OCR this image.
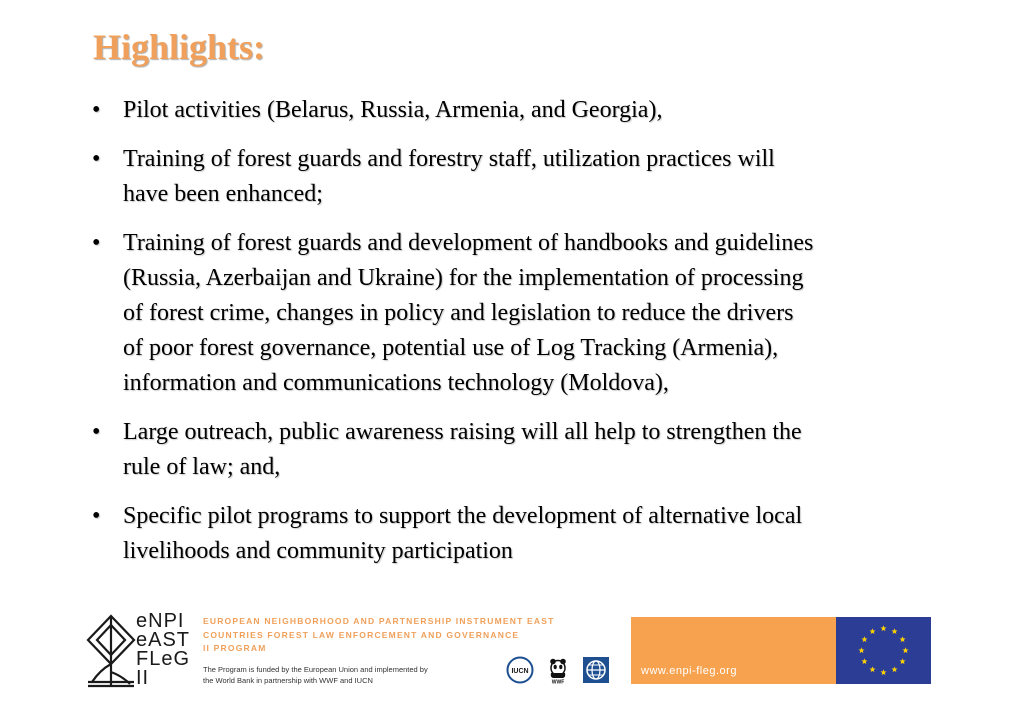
Highlights:
• Pilot activities (Belarus, Russia, Armenia, and Georgia),
• Training of forest guards and forestry staff, utilization practices will
have been enhanced;
• Training of forest guards and development of handbooks and guidelines
(Russia, Azerbaijan and Ukraine) for the implementation of processing
of forest crime, changes in policy and legislation to reduce the drivers
of poor forest governance, potential use of Log Tracking (Armenia),
information and communications technology (Moldova),
• Large outreach, public awareness raising will all help to strengthen the
rule of law; and,
• Specific pilot programs to support the development of alternative local
livelihoods and community participation
eNPI
eAST
FLeG
II
EUROPEAN NEIGHBORHOOD AND PARTNERSHIP INSTRUMENT EAST
COUNTRIES FOREST LAW ENFORCEMENT AND GOVERNANCE
II PROGRAM
The Program is funded by the European Union and implemented by
the World Bank in partnership with WWF and IUCN
IUCN
WWF
www.enpi-fleg.org
